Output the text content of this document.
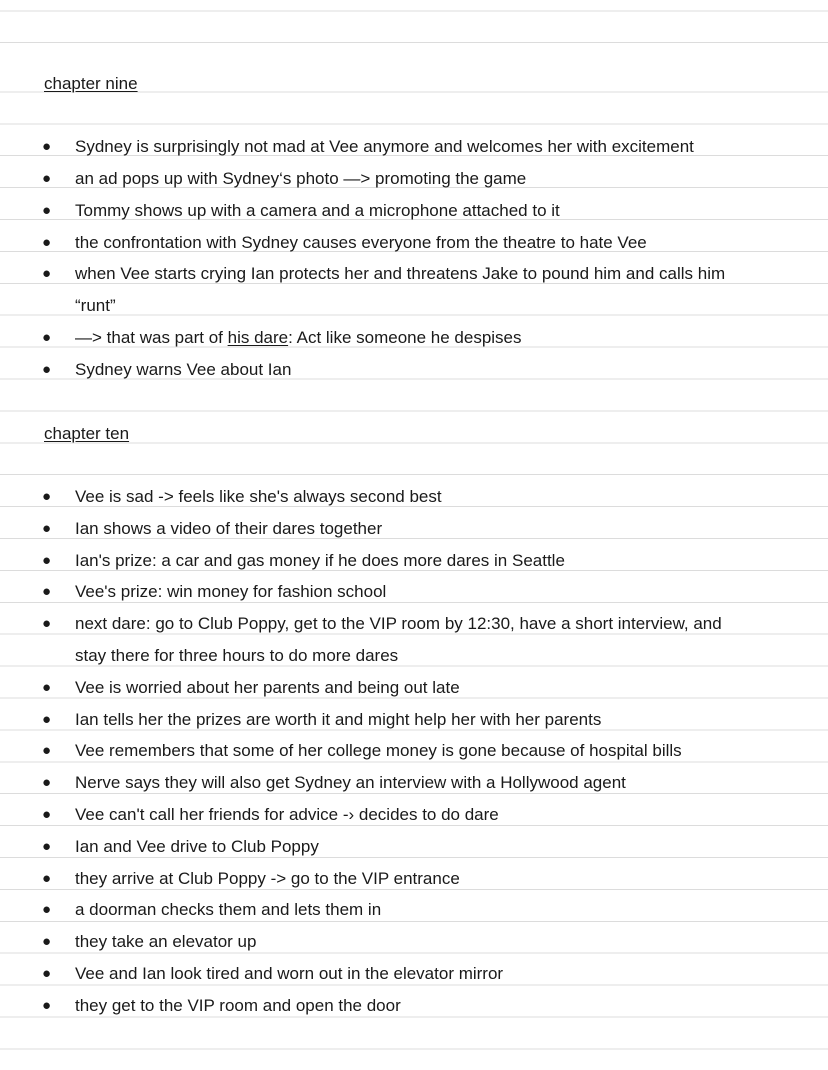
chapter nine
● Sydney is surprisingly not mad at Vee anymore and welcomes her with excitement
● an ad pops up with Sydney‘s photo —> promoting the game
● Tommy shows up with a camera and a microphone attached to it
● the confrontation with Sydney causes everyone from the theatre to hate Vee
● when Vee starts crying Ian protects her and threatens Jake to pound him and calls him
“runt”
● —> that was part of his dare: Act like someone he despises
● Sydney warns Vee about Ian
chapter ten
● Vee is sad -> feels like she's always second best
● Ian shows a video of their dares together
● Ian's prize: a car and gas money if he does more dares in Seattle
● Vee's prize: win money for fashion school
● next dare: go to Club Poppy, get to the VIP room by 12:30, have a short interview, and
stay there for three hours to do more dares
● Vee is worried about her parents and being out late
● Ian tells her the prizes are worth it and might help her with her parents
● Vee remembers that some of her college money is gone because of hospital bills
● Nerve says they will also get Sydney an interview with a Hollywood agent
● Vee can't call her friends for advice -› decides to do dare
● Ian and Vee drive to Club Poppy
● they arrive at Club Poppy -> go to the VIP entrance
● a doorman checks them and lets them in
● they take an elevator up
● Vee and Ian look tired and worn out in the elevator mirror
● they get to the VIP room and open the door
